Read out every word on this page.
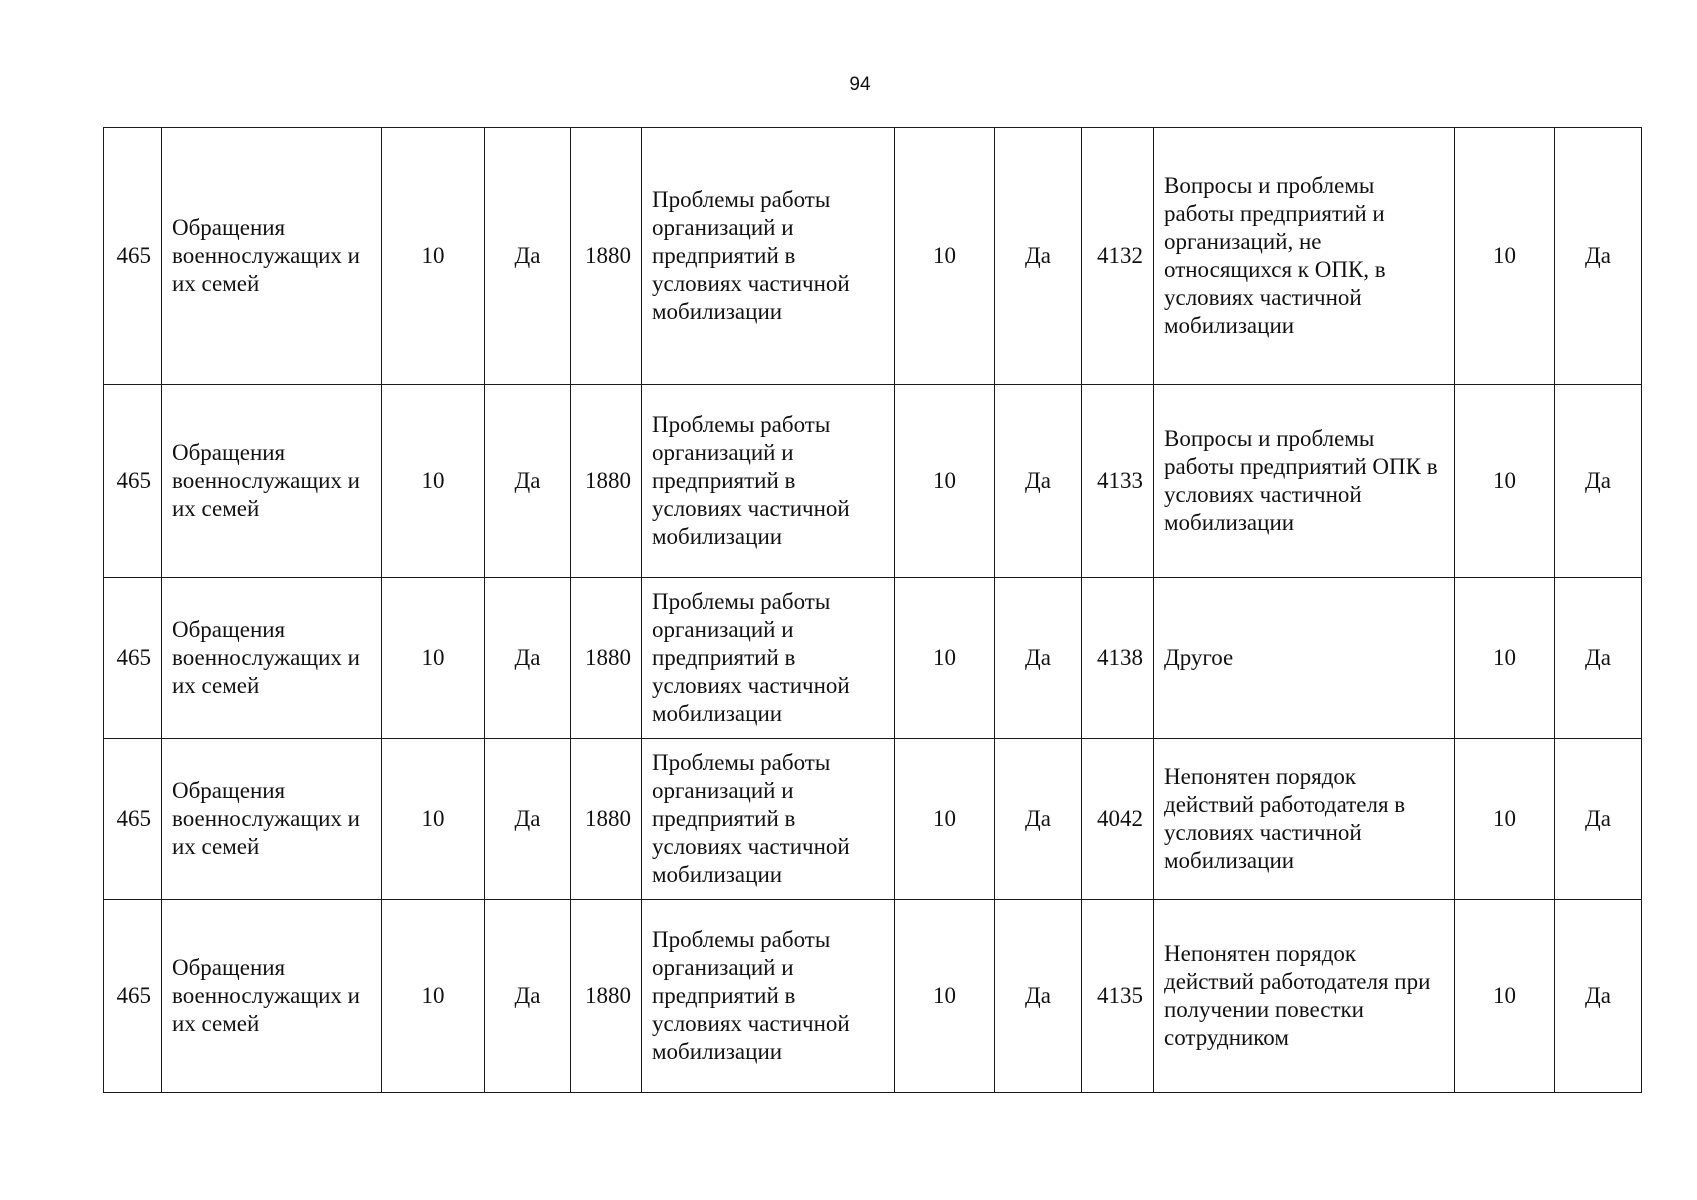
94
465	Обращения военнослужащих и их семей	10	Да	1880	Проблемы работы организаций и предприятий в условиях частичной мобилизации	10	Да	4132	Вопросы и проблемы работы предприятий и организаций, не относящихся к ОПК, в условиях частичной мобилизации	10	Да
465	Обращения военнослужащих и их семей	10	Да	1880	Проблемы работы организаций и предприятий в условиях частичной мобилизации	10	Да	4133	Вопросы и проблемы работы предприятий ОПК в условиях частичной мобилизации	10	Да
465	Обращения военнослужащих и их семей	10	Да	1880	Проблемы работы организаций и предприятий в условиях частичной мобилизации	10	Да	4138	Другое	10	Да
465	Обращения военнослужащих и их семей	10	Да	1880	Проблемы работы организаций и предприятий в условиях частичной мобилизации	10	Да	4042	Непонятен порядок действий работодателя в условиях частичной мобилизации	10	Да
465	Обращения военнослужащих и их семей	10	Да	1880	Проблемы работы организаций и предприятий в условиях частичной мобилизации	10	Да	4135	Непонятен порядок действий работодателя при получении повестки сотрудником	10	Да
